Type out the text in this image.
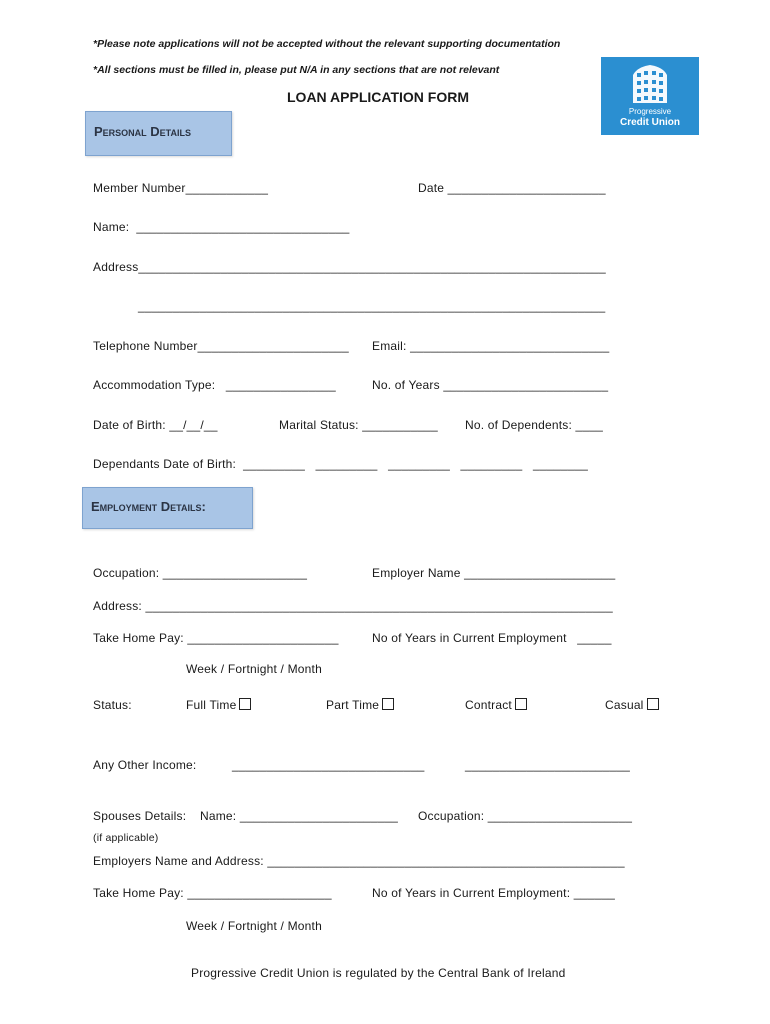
*Please note applications will not be accepted without the relevant supporting documentation
*All sections must be filled in, please put N/A in any sections that are not relevant
Progressive
Credit Union
LOAN APPLICATION FORM
Personal Details
Member Number____________	Date _______________________
Name:  _______________________________
Address____________________________________________________________________
____________________________________________________________________
Telephone Number______________________ Email: _____________________________
Accommodation Type:   ________________	No. of Years ________________________
Date of Birth: __/__/__	Marital Status: ___________ No. of Dependents: ____
Dependants Date of Birth:  _________   _________   _________   _________   ________
Employment Details:
Occupation: _____________________	Employer Name ______________________
Address: ____________________________________________________________________
Take Home Pay: ______________________	No of Years in Current Employment   _____
Week / Fortnight / Month
Status:	Full Time	Part Time	Contract	Casual
Any Other Income:	____________________________	________________________
Spouses Details: Name: _______________________ Occupation: _____________________
(if applicable)
Employers Name and Address: ____________________________________________________
Take Home Pay: _____________________	No of Years in Current Employment: ______
Week / Fortnight / Month
Progressive Credit Union is regulated by the Central Bank of Ireland
